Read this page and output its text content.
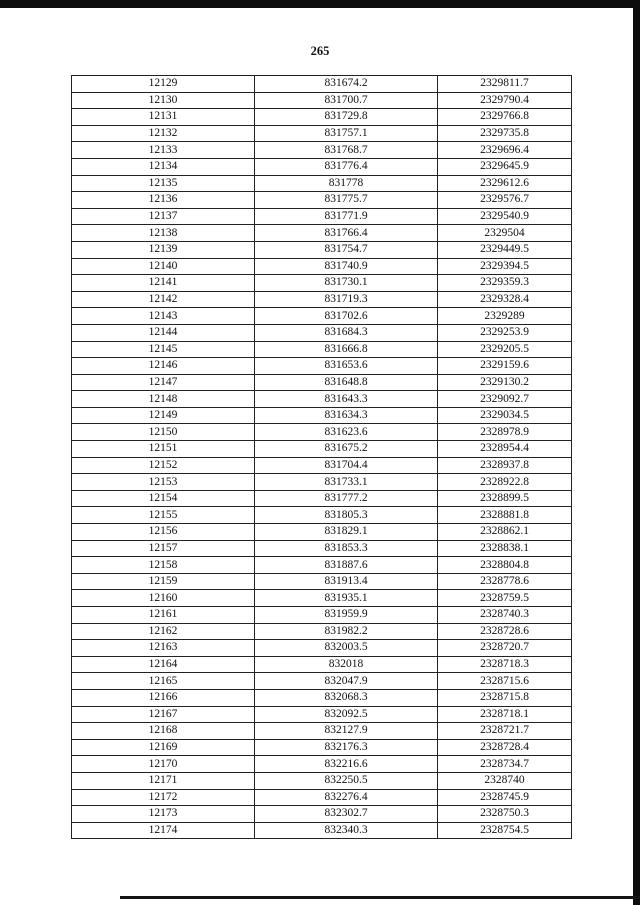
265
12129	831674.2	2329811.7
12130	831700.7	2329790.4
12131	831729.8	2329766.8
12132	831757.1	2329735.8
12133	831768.7	2329696.4
12134	831776.4	2329645.9
12135	831778	2329612.6
12136	831775.7	2329576.7
12137	831771.9	2329540.9
12138	831766.4	2329504
12139	831754.7	2329449.5
12140	831740.9	2329394.5
12141	831730.1	2329359.3
12142	831719.3	2329328.4
12143	831702.6	2329289
12144	831684.3	2329253.9
12145	831666.8	2329205.5
12146	831653.6	2329159.6
12147	831648.8	2329130.2
12148	831643.3	2329092.7
12149	831634.3	2329034.5
12150	831623.6	2328978.9
12151	831675.2	2328954.4
12152	831704.4	2328937.8
12153	831733.1	2328922.8
12154	831777.2	2328899.5
12155	831805.3	2328881.8
12156	831829.1	2328862.1
12157	831853.3	2328838.1
12158	831887.6	2328804.8
12159	831913.4	2328778.6
12160	831935.1	2328759.5
12161	831959.9	2328740.3
12162	831982.2	2328728.6
12163	832003.5	2328720.7
12164	832018	2328718.3
12165	832047.9	2328715.6
12166	832068.3	2328715.8
12167	832092.5	2328718.1
12168	832127.9	2328721.7
12169	832176.3	2328728.4
12170	832216.6	2328734.7
12171	832250.5	2328740
12172	832276.4	2328745.9
12173	832302.7	2328750.3
12174	832340.3	2328754.5
